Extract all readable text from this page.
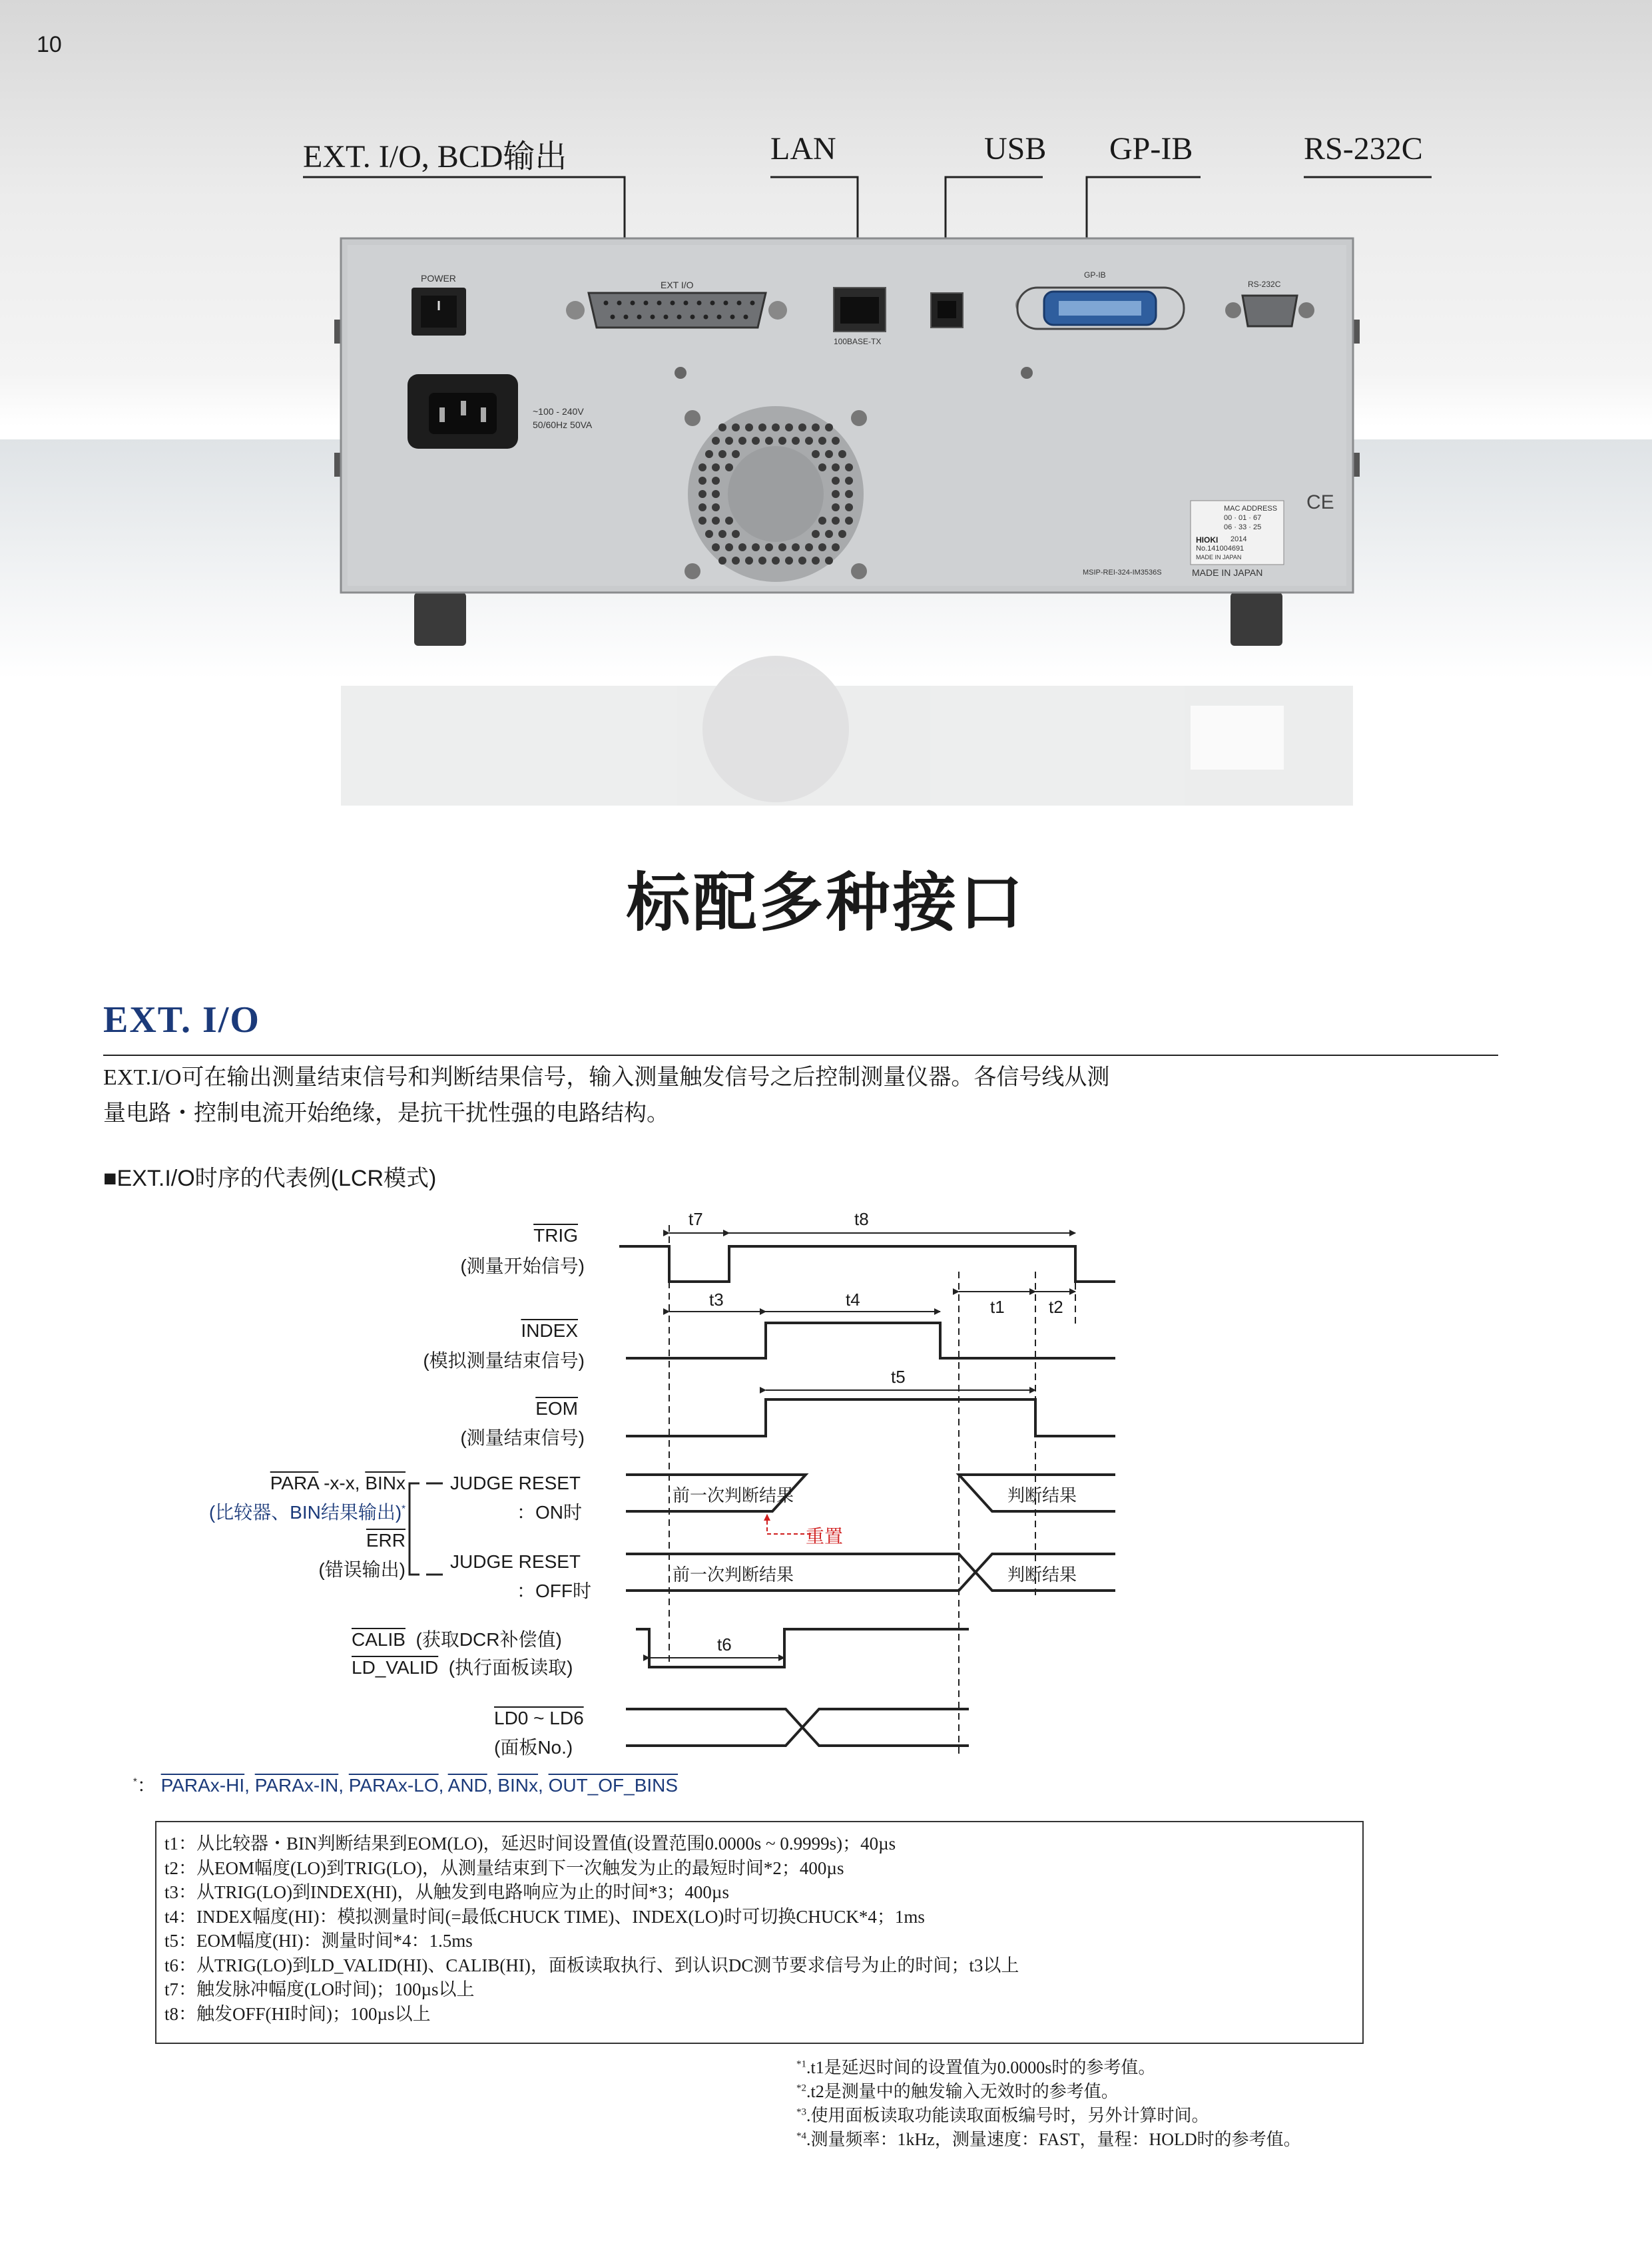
10
EXT. I/O, BCD输出	LAN	USB GP-IB	RS-232C
CE
POWER
EXT I/O
100BASE-TX
GP-IB
RS-232C
~100 - 240V
50/60Hz 50VA
MAC ADDRESS
00 · 01 · 67
06 · 33 · 25
HIOKI 2014
No.141004691
MADE IN JAPAN
MSIP-REI-324-IM3536S	MADE IN JAPAN
标配多种接口
EXT. I/O
EXT.I/O可在输出测量结束信号和判断结果信号，输入测量触发信号之后控制测量仪器。各信号线从测
量电路・控制电流开始绝缘，是抗干扰性强的电路结构。
■EXT.I/O时序的代表例(LCR模式)
TRIG
(测量开始信号)
INDEX
(模拟测量结束信号)
$\overline{EOM}$
(测量结束信号)
PARA -x-x, BINx
(比较器、BIN结果输出)*
$\overline{ERR}$
(错误输出)
JUDGE RESET
：ON时
JUDGE RESET
：OFF时
前一次判断结果	判断结果
前一次判断结果	判断结果
重置
CALIB (获取DCR补偿值)
LD_VALID (执行面板读取)
LD0 ~ LD6
(面板No.)
t7	t8
t3	t4	t1	t2
t5
t6
*： PARAx-HI, PARAx-IN, PARAx-LO, $\overline{AND}$, BINx, OUT_OF_BINS
t1：从比较器・BIN判断结果到EOM(LO)，延迟时间设置值(设置范围0.0000s ~ 0.9999s)；40µs
t2：从EOM幅度(LO)到TRIG(LO)，从测量结束到下一次触发为止的最短时间*2；400µs
t3：从TRIG(LO)到INDEX(HI)，从触发到电路响应为止的时间*3；400µs
t4：INDEX幅度(HI)：模拟测量时间(=最低CHUCK TIME)、INDEX(LO)时可切换CHUCK*4；1ms
t5：EOM幅度(HI)：测量时间*4：1.5ms
t6：从TRIG(LO)到LD_VALID(HI)、CALIB(HI)，面板读取执行、到认识DC测节要求信号为止的时间；t3以上
t7：触发脉冲幅度(LO时间)；100µs以上
t8：触发OFF(HI时间)；100µs以上
$^{*1}$.t1是延迟时间的设置值为0.0000s时的参考值。
$^{*2}$.t2是测量中的触发输入无效时的参考值。
$^{*3}$.使用面板读取功能读取面板编号时，另外计算时间。
$^{*4}$.测量频率：1kHz，测量速度：FAST，量程：HOLD时的参考值。
